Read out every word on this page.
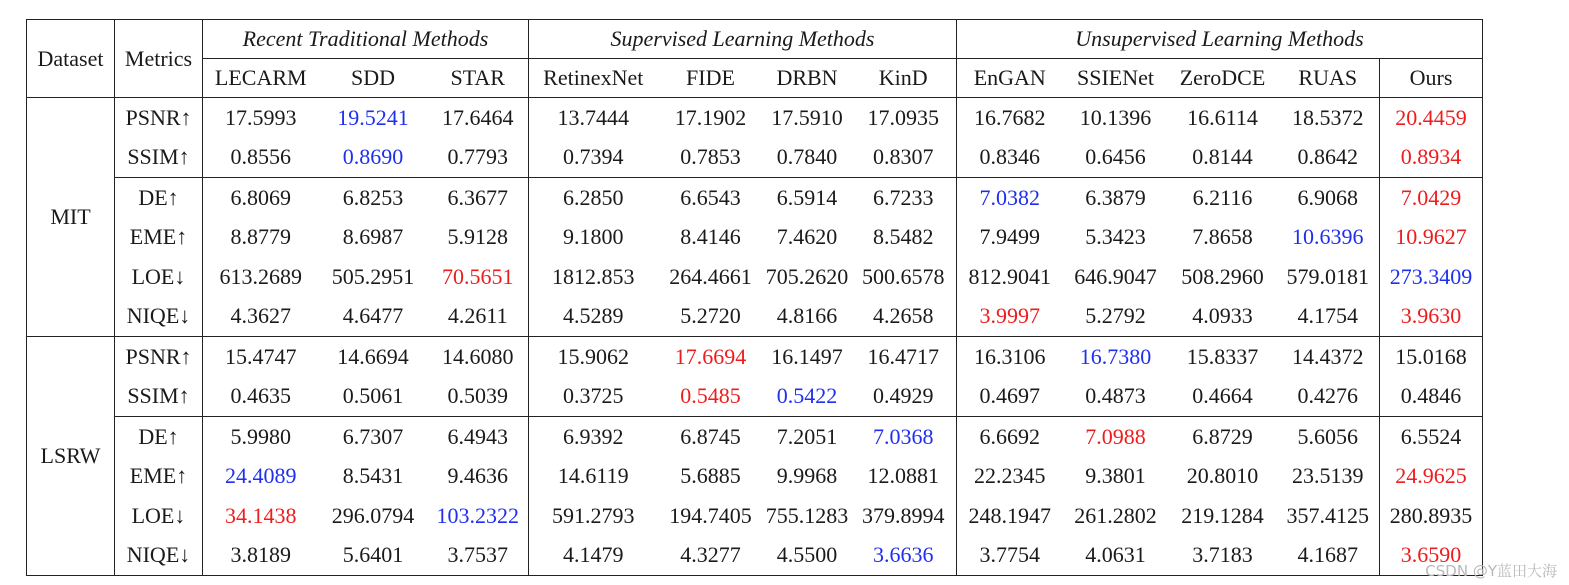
Dataset	Metrics	Recent Traditional Methods			Supervised Learning Methods				Unsupervised Learning Methods				
		LECARM	SDD	STAR	RetinexNet	FIDE	DRBN	KinD	EnGAN	SSIENet	ZeroDCE	RUAS	Ours
MIT	PSNR↑	17.5993	19.5241	17.6464	13.7444	17.1902	17.5910	17.0935	16.7682	10.1396	16.6114	18.5372	20.4459
	SSIM↑	0.8556	0.8690	0.7793	0.7394	0.7853	0.7840	0.8307	0.8346	0.6456	0.8144	0.8642	0.8934
	DE↑	6.8069	6.8253	6.3677	6.2850	6.6543	6.5914	6.7233	7.0382	6.3879	6.2116	6.9068	7.0429
	EME↑	8.8779	8.6987	5.9128	9.1800	8.4146	7.4620	8.5482	7.9499	5.3423	7.8658	10.6396	10.9627
	LOE↓	613.2689	505.2951	70.5651	1812.853	264.4661	705.2620	500.6578	812.9041	646.9047	508.2960	579.0181	273.3409
	NIQE↓	4.3627	4.6477	4.2611	4.5289	5.2720	4.8166	4.2658	3.9997	5.2792	4.0933	4.1754	3.9630
LSRW	PSNR↑	15.4747	14.6694	14.6080	15.9062	17.6694	16.1497	16.4717	16.3106	16.7380	15.8337	14.4372	15.0168
	SSIM↑	0.4635	0.5061	0.5039	0.3725	0.5485	0.5422	0.4929	0.4697	0.4873	0.4664	0.4276	0.4846
	DE↑	5.9980	6.7307	6.4943	6.9392	6.8745	7.2051	7.0368	6.6692	7.0988	6.8729	5.6056	6.5524
	EME↑	24.4089	8.5431	9.4636	14.6119	5.6885	9.9968	12.0881	22.2345	9.3801	20.8010	23.5139	24.9625
	LOE↓	34.1438	296.0794	103.2322	591.2793	194.7405	755.1283	379.8994	248.1947	261.2802	219.1284	357.4125	280.8935
	NIQE↓	3.8189	5.6401	3.7537	4.1479	4.3277	4.5500	3.6636	3.7754	4.0631	3.7183	4.1687	3.6590
CSDN @Y蓝田大海
